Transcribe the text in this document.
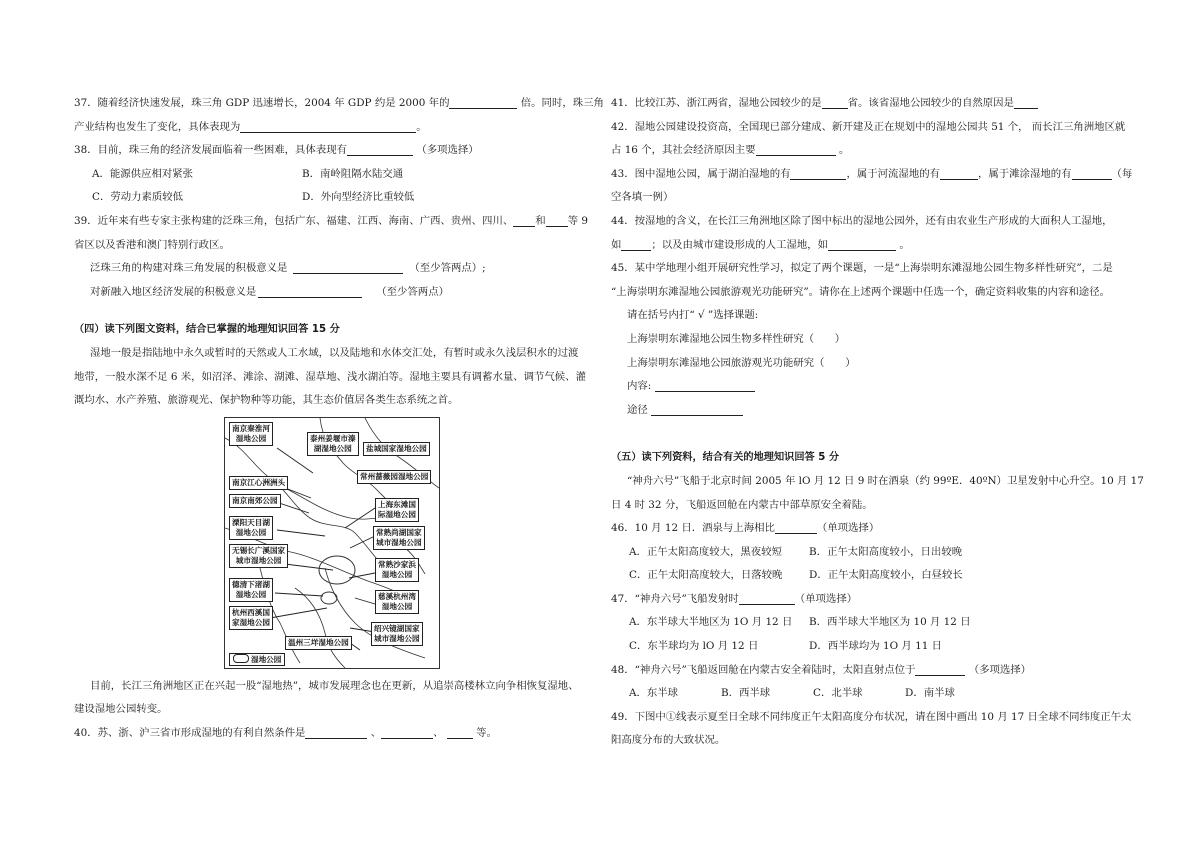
37．随着经济快速发展，珠三角 GDP 迅速增长，2004 年 GDP 约是 2000 年的	倍。同时，珠三角
产业结构也发生了变化，具体表现为	。
38．目前，珠三角的经济发展面临着一些困难，具体表现有	（多项选择）
A．能源供应相对紧张	B．南岭阻隔水陆交通
C．劳动力素质较低	D．外向型经济比重较低
39．近年来有些专家主张构建的泛珠三角，包括广东、福建、江西、海南、广西、贵州、四川、 和 等 9
省区以及香港和澳门特别行政区。
泛珠三角的构建对珠三角发展的积极意义是	（至少答两点）;
对新融入地区经济发展的积极意义是	（至少答两点）
（四）读下列图文资料，结合已掌握的地理知识回答 15 分
湿地一般是指陆地中永久或暂时的天然或人工水域，以及陆地和水体交汇处，有暂时或永久浅层积水的过渡
地带，一般水深不足 6 米，如沼泽、滩涂、湖滩、湿草地、浅水湖泊等。湿地主要具有调蓄水量、调节气候、灌
溉均水、水产养殖、旅游观光、保护物种等功能，其生态价值居各类生态系统之首。
南京秦淮河
湿地公园	泰州姜堰市溱
湖湿地公园	盐城国家湿地公园
南京江心洲洲头
常州蔷薇园湿地公园
南京南郊公园	上海东滩国
际湿地公园
溧阳天目湖
湿地公园	常熟尚湖国家
城市湿地公园
无锡长广溪国家
城市湿地公园	常熟沙家浜
湿地公园
德清下渚湖
湿地公园	慈溪杭州湾
湿地公园
杭州西溪国
家湿地公园
绍兴镜湖国家
城市湿地公园
温州三垟湿地公园
湿地公园
目前，长江三角洲地区正在兴起一股“湿地热”，城市发展理念也在更新，从追崇高楼林立向争相恢复湿地、
建设湿地公园转变。
40．苏、浙、沪三省市形成湿地的有利自然条件是	、	、	等。
41．比较江苏、浙江两省，湿地公园较少的是	省。该省湿地公园较少的自然原因是
42．湿地公园建设投资高，全国现已部分建成、新开建及正在规划中的湿地公园共 51 个， 而长江三角洲地区就
占 16 个，其社会经济原因主要	。
43．图中湿地公园，属于湖泊湿地的有	，属于河流湿地的有	，属于滩涂湿地的有	（每
空各填一例）
44．按湿地的含义，在长江三角洲地区除了图中标出的湿地公园外，还有由农业生产形成的大面积人工湿地，
如	；以及由城市建设形成的人工湿地，如	。
45．某中学地理小组开展研究性学习，拟定了两个课题，一是“上海崇明东滩湿地公园生物多样性研究”，二是
“上海崇明东滩湿地公园旅游观光功能研究”。请你在上述两个课题中任选一个，确定资料收集的内容和途径。
请在括号内打“ √ ”选择课题:
上海崇明东滩湿地公园生物多样性研究（　　）
上海崇明东滩湿地公园旅游观光功能研究（　　）
内容:
途径
（五）读下列资料，结合有关的地理知识回答 5 分
“神舟六号”飞船于北京时间 2005 年 lO 月 12 日 9 时在酒泉（约 99ºE．40ºN）卫星发射中心升空。10 月 17
日 4 时 32 分，飞船返回舱在内蒙古中部草原安全着陆。
46．10 月 12 日．酒泉与上海相比	（单项选择）
A．正午太阳高度较大，黑夜较短	B．正午太阳高度较小，日出较晚
C．正午太阳高度较大，日落较晚	D．正午太阳高度较小，白昼较长
47．“神舟六号”飞船发射时	（单项选择）
A．东半球大半地区为 1O 月 12 日 B．西半球大半地区为 10 月 12 日
C．东半球均为 lO 月 12 日	D．西半球均为 1O 月 11 日
48．“神舟六号”飞船返回舱在内蒙古安全着陆时，太阳直射点位于	（多项选择）
A．东半球	B．西半球	C．北半球	D．南半球
49．下图中①线表示夏至日全球不同纬度正午太阳高度分布状况，请在图中画出 10 月 17 日全球不同纬度正午太
阳高度分布的大致状况。
